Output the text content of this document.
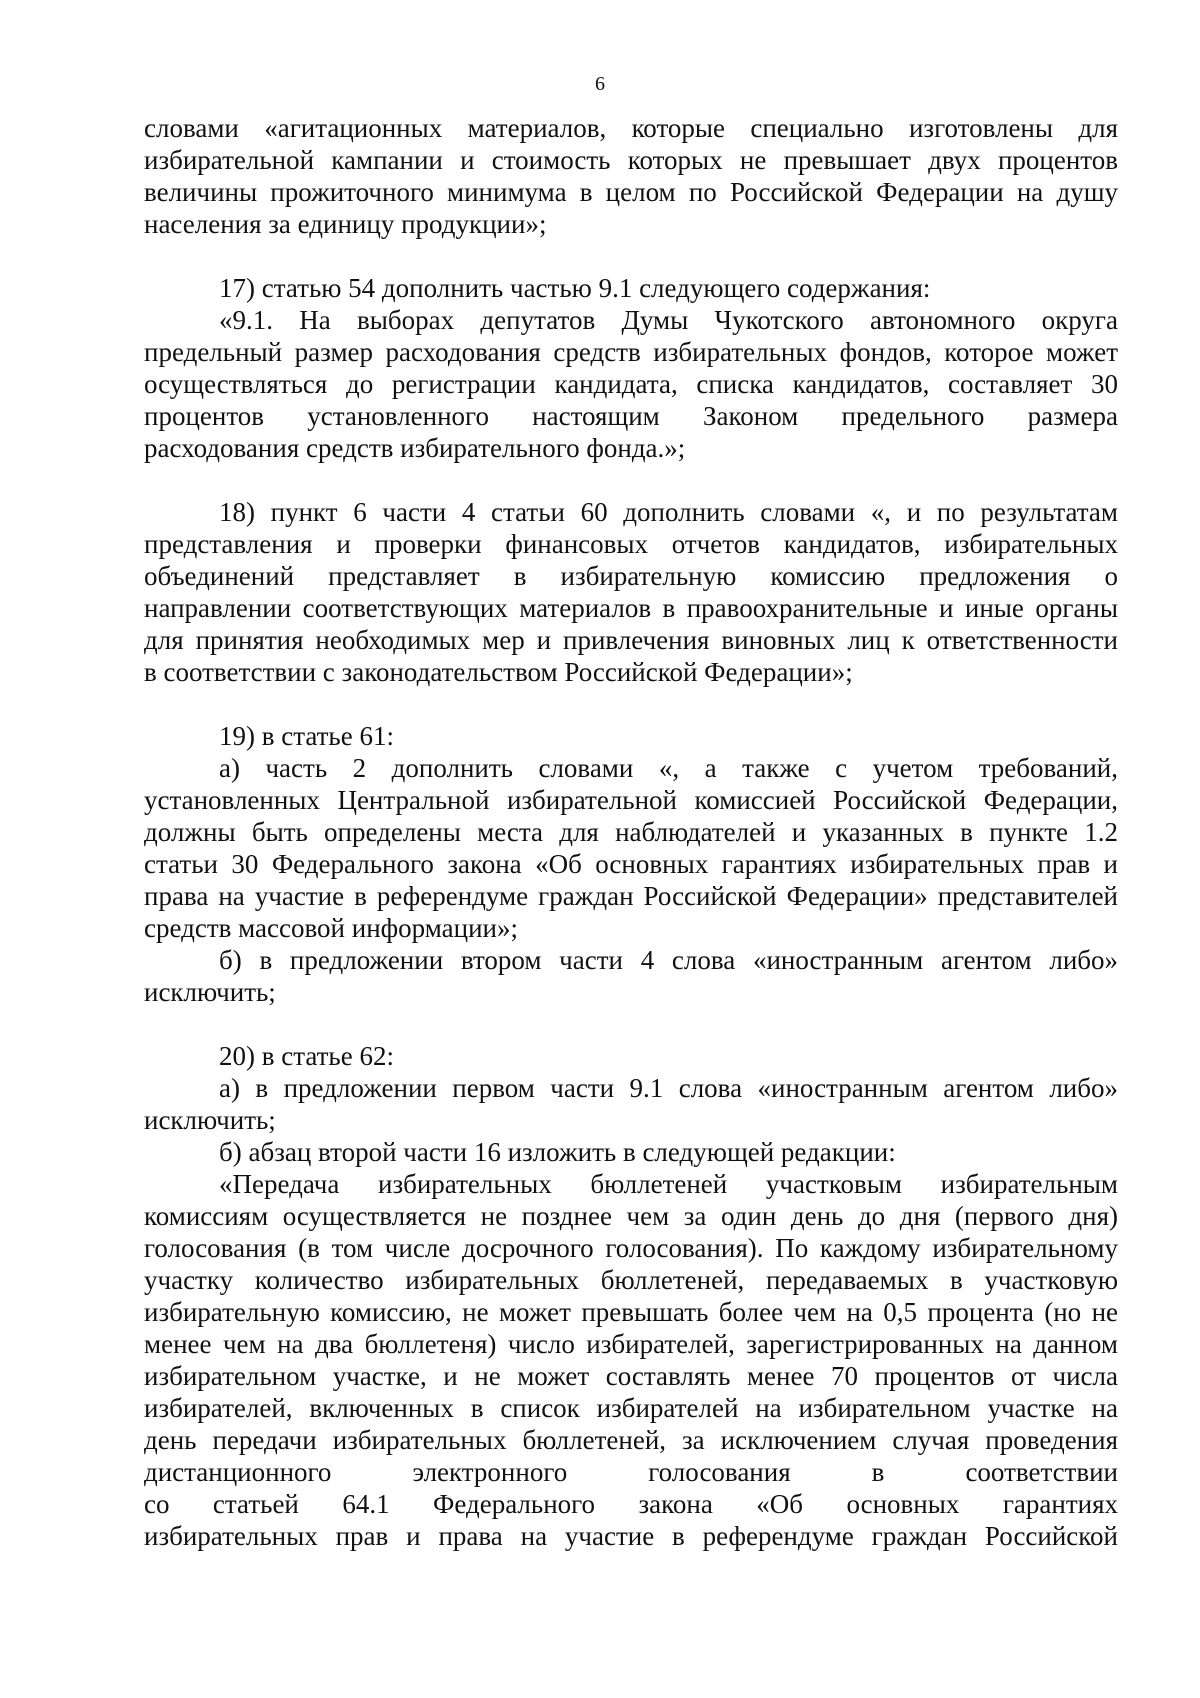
6
словами «агитационных материалов, которые специально изготовлены для
избирательной кампании и стоимость которых не превышает двух процентов
величины прожиточного минимума в целом по Российской Федерации на душу
населения за единицу продукции»;
17) статью 54 дополнить частью 9.1 следующего содержания:
«9.1. На выборах депутатов Думы Чукотского автономного округа
предельный размер расходования средств избирательных фондов, которое может
осуществляться до регистрации кандидата, списка кандидатов, составляет 30
процентов установленного настоящим Законом предельного размера
расходования средств избирательного фонда.»;
18) пункт 6 части 4 статьи 60 дополнить словами «, и по результатам
представления и проверки финансовых отчетов кандидатов, избирательных
объединений представляет в избирательную комиссию предложения о
направлении соответствующих материалов в правоохранительные и иные органы
для принятия необходимых мер и привлечения виновных лиц к ответственности
в соответствии с законодательством Российской Федерации»;
19) в статье 61:
а) часть 2 дополнить словами «, а также с учетом требований,
установленных Центральной избирательной комиссией Российской Федерации,
должны быть определены места для наблюдателей и указанных в пункте 1.2
статьи 30 Федерального закона «Об основных гарантиях избирательных прав и
права на участие в референдуме граждан Российской Федерации» представителей
средств массовой информации»;
б) в предложении втором части 4 слова «иностранным агентом либо»
исключить;
20) в статье 62:
а) в предложении первом части 9.1 слова «иностранным агентом либо»
исключить;
б) абзац второй части 16 изложить в следующей редакции:
«Передача избирательных бюллетеней участковым избирательным
комиссиям осуществляется не позднее чем за один день до дня (первого дня)
голосования (в том числе досрочного голосования). По каждому избирательному
участку количество избирательных бюллетеней, передаваемых в участковую
избирательную комиссию, не может превышать более чем на 0,5 процента (но не
менее чем на два бюллетеня) число избирателей, зарегистрированных на данном
избирательном участке, и не может составлять менее 70 процентов от числа
избирателей, включенных в список избирателей на избирательном участке на
день передачи избирательных бюллетеней, за исключением случая проведения
дистанционного электронного голосования в соответствии
со статьей 64.1 Федерального закона «Об основных гарантиях
избирательных прав и права на участие в референдуме граждан Российской
